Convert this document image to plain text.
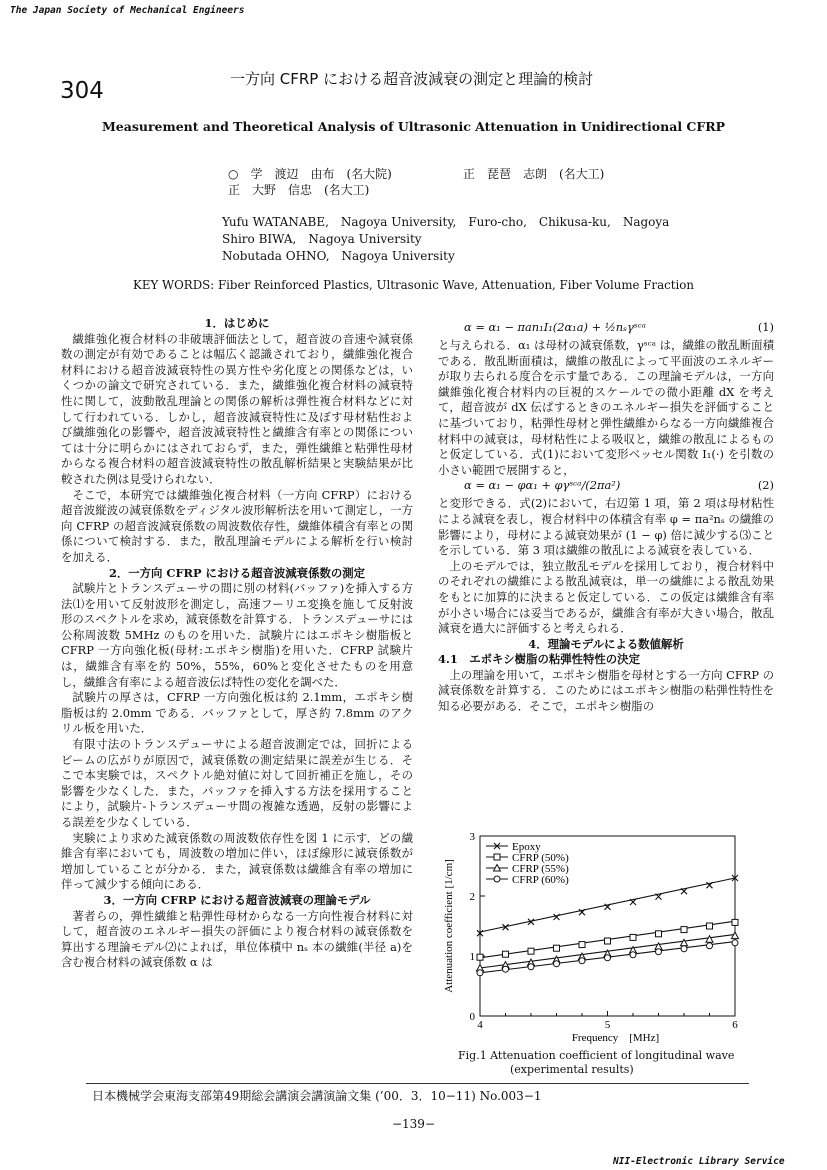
The Japan Society of Mechanical Engineers
304	一方向 CFRP における超音波減衰の測定と理論的検討
Measurement and Theoretical Analysis of Ultrasonic Attenuation in Unidirectional CFRP
○　学　渡辺　由布　(名大院)	正　琵琶　志朗　(名大工)
正　大野　信忠　(名大工)
Yufu WATANABE,　Nagoya University,　Furo-cho,　Chikusa-ku,　Nagoya
Shiro BIWA,　Nagoya University
Nobutada OHNO,　Nagoya University
KEY WORDS: Fiber Reinforced Plastics, Ultrasonic Wave, Attenuation, Fiber Volume Fraction

1．はじめに

繊維強化複合材料の非破壊評価法として，超音波の音速や減衰係数の測定が有効であることは幅広く認識されており，繊維強化複合材料における超音波減衰特性の異方性や劣化度との関係などは，いくつかの論文で研究されている．また，繊維強化複合材料の減衰特性に関して，波動散乱理論との関係の解析は弾性複合材料などに対して行われている．しかし，超音波減衰特性に及ぼす母材粘性および繊維強化の影響や，超音波減衰特性と繊維含有率との関係については十分に明らかにはされておらず，また，弾性繊維と粘弾性母材からなる複合材料の超音波減衰特性の散乱解析結果と実験結果が比較された例は見受けられない．

そこで，本研究では繊維強化複合材料（一方向 CFRP）における超音波縦波の減衰係数をディジタル波形解析法を用いて測定し，一方向 CFRP の超音波減衰係数の周波数依存性，繊維体積含有率との関係について検討する．また，散乱理論モデルによる解析を行い検討を加える．

2．一方向 CFRP における超音波減衰係数の測定

試験片とトランスデューサの間に別の材料(バッファ)を挿入する方法⑴を用いて反射波形を測定し，高速フーリエ変換を施して反射波形のスペクトルを求め，減衰係数を計算する．トランスデューサには公称周波数 5MHz のものを用いた．試験片にはエポキシ樹脂板と CFRP 一方向強化板(母材:エポキシ樹脂)を用いた．CFRP 試験片は，繊維含有率を約 50%，55%，60%と変化させたものを用意し，繊維含有率による超音波伝ぱ特性の変化を調べた．

試験片の厚さは，CFRP 一方向強化板は約 2.1mm，エポキシ樹脂板は約 2.0mm である．バッファとして，厚さ約 7.8mm のアクリル板を用いた．

有限寸法のトランスデューサによる超音波測定では，回折によるビームの広がりが原因で，減衰係数の測定結果に誤差が生じる．そこで本実験では，スペクトル絶対値に対して回折補正を施し，その影響を少なくした．また，バッファを挿入する方法を採用することにより，試験片-トランスデューサ間の複雑な透過，反射の影響による誤差を少なくしている．

実験により求めた減衰係数の周波数依存性を図 1 に示す．どの繊維含有率においても，周波数の増加に伴い，ほぼ線形に減衰係数が増加していることが分かる．また，減衰係数は繊維含有率の増加に伴って減少する傾向にある．

3．一方向 CFRP における超音波減衰の理論モデル

著者らの，弾性繊維と粘弾性母材からなる一方向性複合材料に対して，超音波のエネルギー損失の評価により複合材料の減衰係数を算出する理論モデル⑵によれば，単位体積中 nₛ 本の繊維(半径 a)を含む複合材料の減衰係数 α は

α = α₁ − πan₁I₁(2α₁a) + ½nₛγˢᶜᵃ	(1)

と与えられる．α₁ は母材の減衰係数，γˢᶜᵃ は，繊維の散乱断面積である．散乱断面積は，繊維の散乱によって平面波のエネルギーが取り去られる度合を示す量である．この理論モデルは，一方向繊維強化複合材料内の巨視的スケールでの微小距離 dX を考えて，超音波が dX 伝ぱするときのエネルギー損失を評価することに基づいており，粘弾性母材と弾性繊維からなる一方向繊維複合材料中の減衰は，母材粘性による吸収と，繊維の散乱によるものと仮定している．式(1)において変形ベッセル関数 I₁(·) を引数の小さい範囲で展開すると，

α = α₁ − φα₁ + φγˢᶜᵃ/(2πa²)	(2)

と変形できる．式(2)において，右辺第 1 項，第 2 項は母材粘性による減衰を表し，複合材料中の体積含有率 φ = πa²nₛ の繊維の影響により，母材による減衰効果が (1 − φ) 倍に減少する⑶ことを示している．第 3 項は繊維の散乱による減衰を表している．

上のモデルでは，独立散乱モデルを採用しており，複合材料中のそれぞれの繊維による散乱減衰は，単一の繊維による散乱効果をもとに加算的に決まると仮定している．この仮定は繊維含有率が小さい場合には妥当であるが，繊維含有率が大きい場合，散乱減衰を過大に評価すると考えられる．

4．理論モデルによる数値解析

4.1　エポキシ樹脂の粘弾性特性の決定

上の理論を用いて，エポキシ樹脂を母材とする一方向 CFRP の減衰係数を計算する．このためにはエポキシ樹脂の粘弾性特性を知る必要がある．そこで，エポキシ樹脂の

4	5	6
0
1
2
3
Frequency　[MHz]
Attenuation coefficient [1/cm]
Epoxy
CFRP (50%)
CFRP (55%)
CFRP (60%)
Fig.1 Attenuation coefficient of longitudinal wave
(experimental results)
日本機械学会東海支部第49期総会講演会講演論文集 (’00．3．10−11) No.003−1
−139−
NII-Electronic Library Service
